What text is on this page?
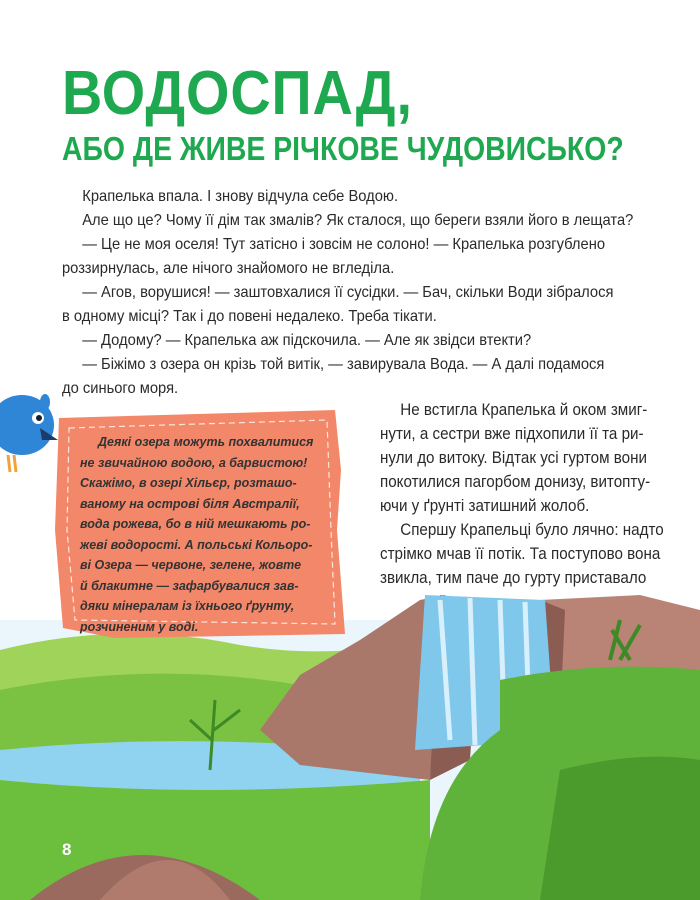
ВОДОСПАД,
АБО ДЕ ЖИВЕ РІЧКОВЕ ЧУДОВИСЬКО?
Крапелька впала. І знову відчула себе Водою.
Але що це? Чому її дім так змалів? Як сталося, що береги взяли його в лещата?
— Це не моя оселя! Тут затісно і зовсім не солоно! — Крапелька розгублено
роззирнулась, але нічого знайомого не вгледіла.
— Агов, ворушися! — заштовхалися її сусідки. — Бач, скільки Води зібралося
в одному місці? Так і до повені недалеко. Треба тікати.
— Додому? — Крапелька аж підскочила. — Але як звідси втекти?
— Біжімо з озера он крізь той витік, — завирувала Вода. — А далі подамося
до синього моря.
Деякі озера можуть похвалитися
не звичайною водою, а барвистою!
Скажімо, в озері Хільєр, розташо-
ваному на острові біля Австралії,
вода рожева, бо в ній мешкають ро-
жеві водорості. А польські Кольоро-
ві Озера — червоне, зелене, жовте
й блакитне — зафарбувалися зав-
дяки мінералам із їхнього ґрунту,
розчиненим у воді.
Не встигла Крапелька й оком змиг-
нути, а сестри вже підхопили її та ри-
нули до витоку. Відтак усі гуртом вони
покотилися пагорбом донизу, витопту-
ючи у ґрунті затишний жолоб.
Спершу Крапельці було лячно: надто
стрімко мчав її потік. Та поступово вона
звикла, тим паче до гурту приставало
8
